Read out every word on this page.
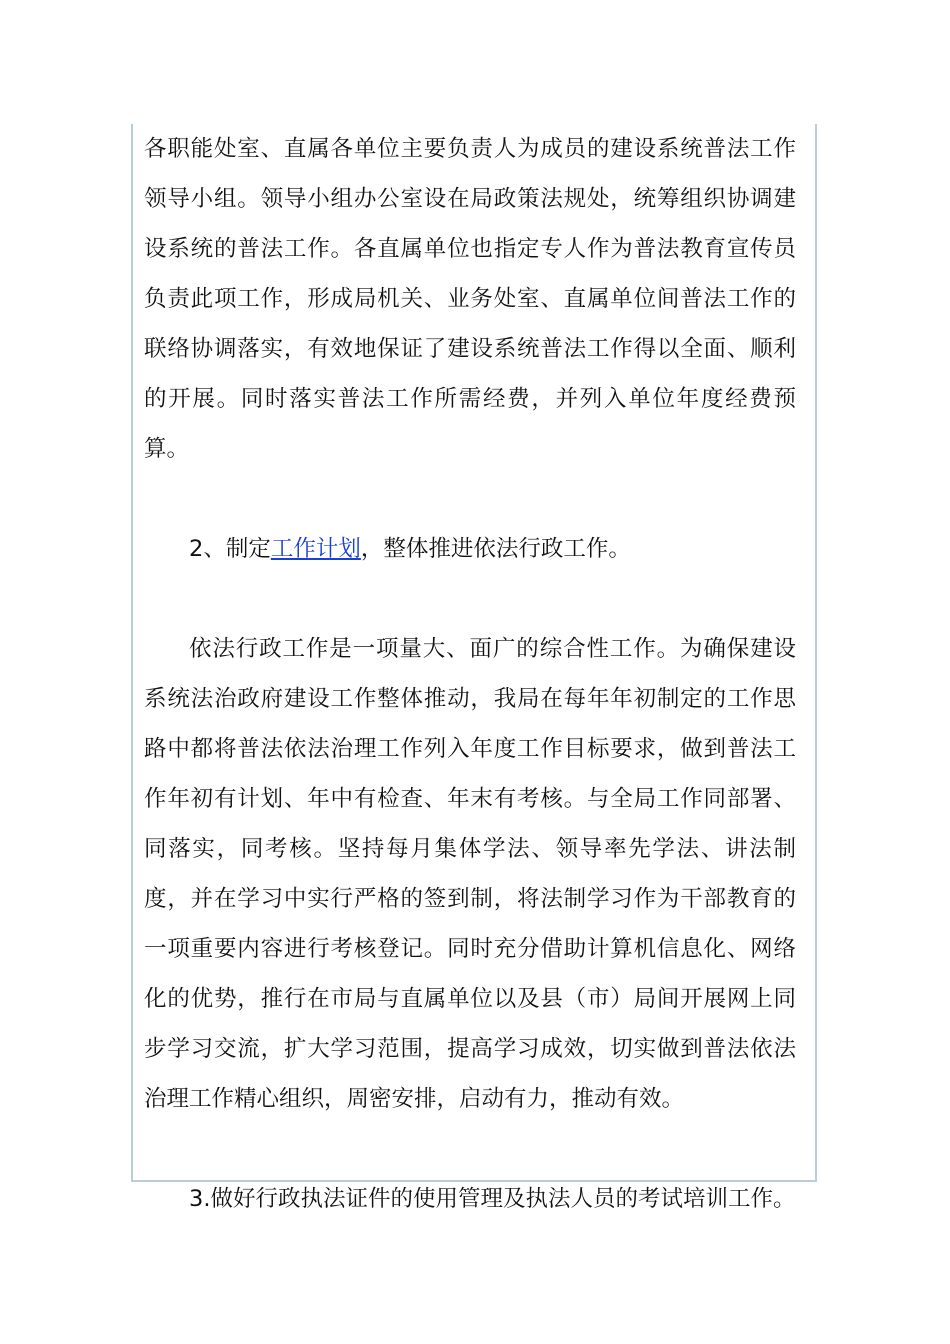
各职能处室、直属各单位主要负责人为成员的建设系统普法工作领导小组。领导小组办公室设在局政策法规处，统筹组织协调建设系统的普法工作。各直属单位也指定专人作为普法教育宣传员负责此项工作，形成局机关、业务处室、直属单位间普法工作的联络协调落实，有效地保证了建设系统普法工作得以全面、顺利的开展。同时落实普法工作所需经费，并列入单位年度经费预算。

2、制定工作计划，整体推进依法行政工作。

依法行政工作是一项量大、面广的综合性工作。为确保建设系统法治政府建设工作整体推动，我局在每年年初制定的工作思路中都将普法依法治理工作列入年度工作目标要求，做到普法工作年初有计划、年中有检查、年末有考核。与全局工作同部署、同落实，同考核。坚持每月集体学法、领导率先学法、讲法制度，并在学习中实行严格的签到制，将法制学习作为干部教育的一项重要内容进行考核登记。同时充分借助计算机信息化、网络化的优势，推行在市局与直属单位以及县（市）局间开展网上同步学习交流，扩大学习范围，提高学习成效，切实做到普法依法治理工作精心组织，周密安排，启动有力，推动有效。

3.做好行政执法证件的使用管理及执法人员的考试培训工作。
